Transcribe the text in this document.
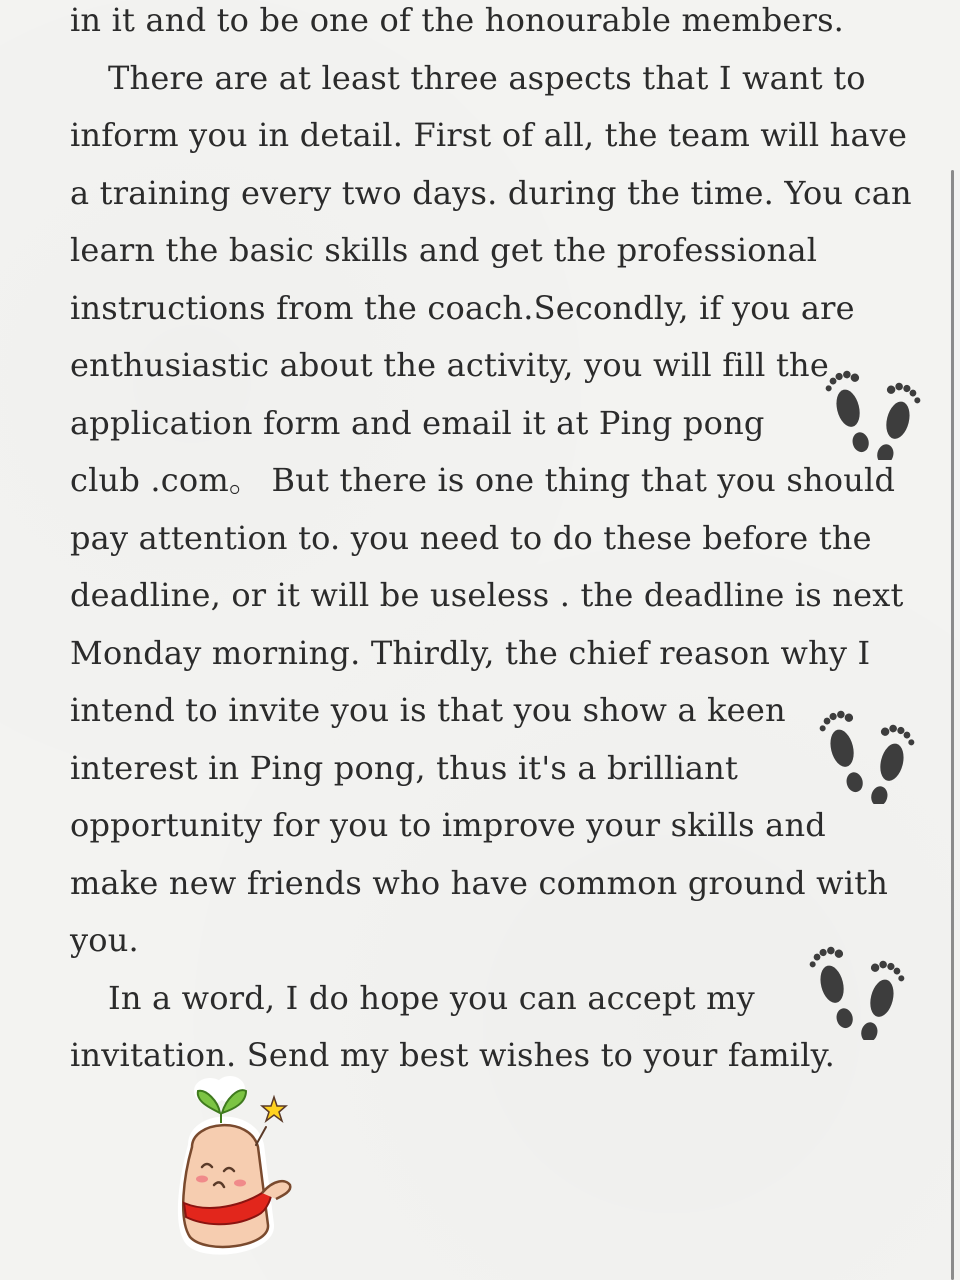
in it and to be one of the honourable members.
There are at least three aspects that I want to
inform you in detail. First of all, the team will have
a training every two days. during the time. You can
learn the basic skills and get the professional
instructions from the coach.Secondly, if you are
enthusiastic about the activity, you will fill the
application form and email it at Ping pong
club .com。 But there is one thing that you should
pay attention to. you need to do these before the
deadline, or it will be useless . the deadline is next
Monday morning. Thirdly, the chief reason why I
intend to invite you is that you show a keen
interest in Ping pong, thus it's a brilliant
opportunity for you to improve your skills and
make new friends who have common ground with
you.
In a word, I do hope you can accept my
invitation. Send my best wishes to your family.
